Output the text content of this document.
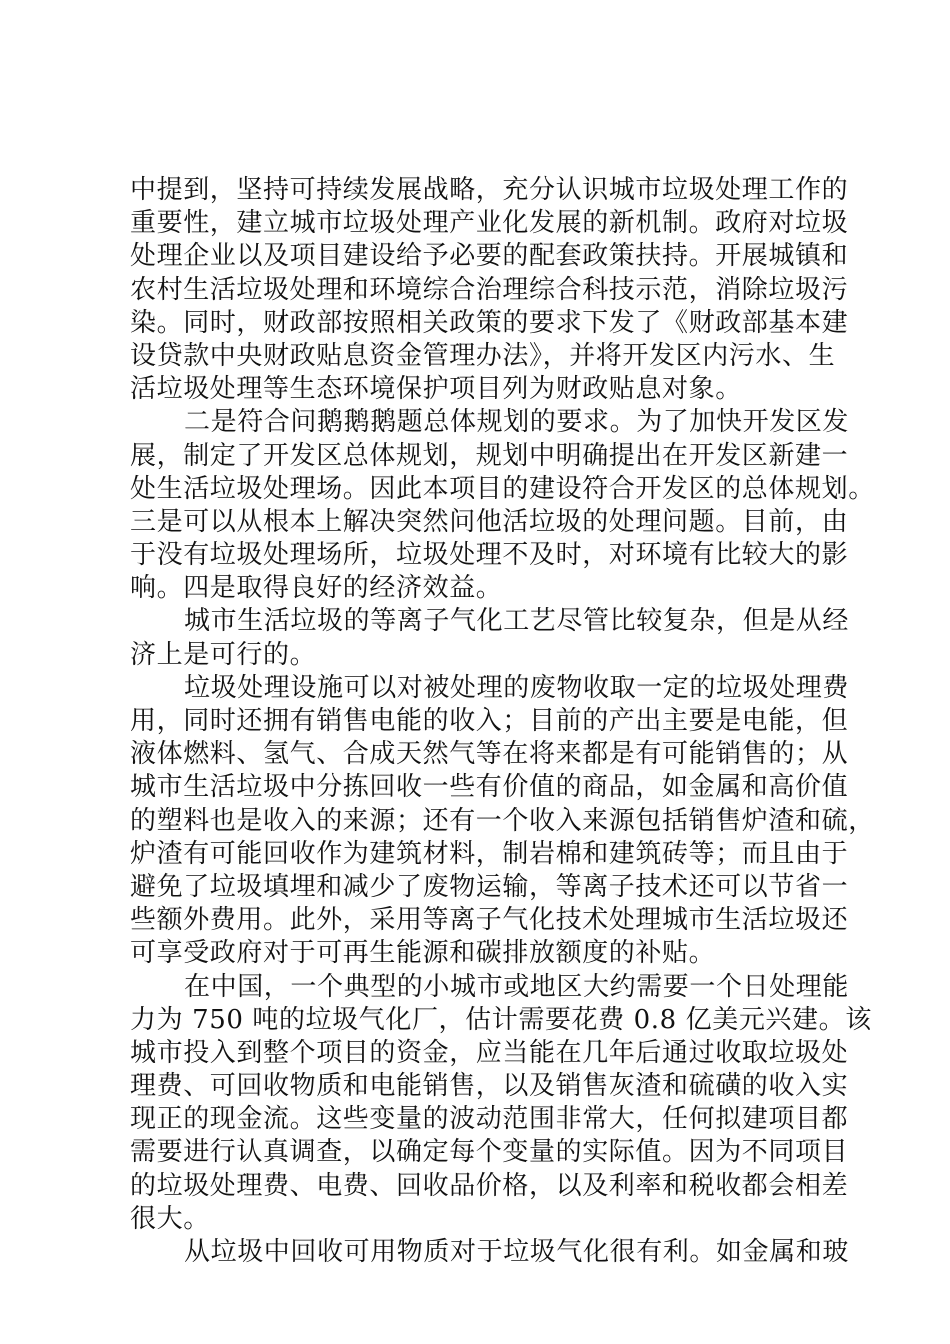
中提到，坚持可持续发展战略，充分认识城市垃圾处理工作的
重要性，建立城市垃圾处理产业化发展的新机制。政府对垃圾
处理企业以及项目建设给予必要的配套政策扶持。开展城镇和
农村生活垃圾处理和环境综合治理综合科技示范，消除垃圾污
染。同时，财政部按照相关政策的要求下发了《财政部基本建
设贷款中央财政贴息资金管理办法》，并将开发区内污水、生
活垃圾处理等生态环境保护项目列为财政贴息对象。
二是符合问鹅鹅鹅题总体规划的要求。为了加快开发区发
展，制定了开发区总体规划，规划中明确提出在开发区新建一
处生活垃圾处理场。因此本项目的建设符合开发区的总体规划。
三是可以从根本上解决突然问他活垃圾的处理问题。目前，由
于没有垃圾处理场所，垃圾处理不及时，对环境有比较大的影
响。四是取得良好的经济效益。
城市生活垃圾的等离子气化工艺尽管比较复杂，但是从经
济上是可行的。
垃圾处理设施可以对被处理的废物收取一定的垃圾处理费
用，同时还拥有销售电能的收入；目前的产出主要是电能，但
液体燃料、氢气、合成天然气等在将来都是有可能销售的；从
城市生活垃圾中分拣回收一些有价值的商品，如金属和高价值
的塑料也是收入的来源；还有一个收入来源包括销售炉渣和硫，
炉渣有可能回收作为建筑材料，制岩棉和建筑砖等；而且由于
避免了垃圾填埋和减少了废物运输，等离子技术还可以节省一
些额外费用。此外，采用等离子气化技术处理城市生活垃圾还
可享受政府对于可再生能源和碳排放额度的补贴。
在中国，一个典型的小城市或地区大约需要一个日处理能
力为 750 吨的垃圾气化厂，估计需要花费 0.8 亿美元兴建。该
城市投入到整个项目的资金，应当能在几年后通过收取垃圾处
理费、可回收物质和电能销售，以及销售灰渣和硫磺的收入实
现正的现金流。这些变量的波动范围非常大，任何拟建项目都
需要进行认真调查，以确定每个变量的实际值。因为不同项目
的垃圾处理费、电费、回收品价格，以及利率和税收都会相差
很大。
从垃圾中回收可用物质对于垃圾气化很有利。如金属和玻
